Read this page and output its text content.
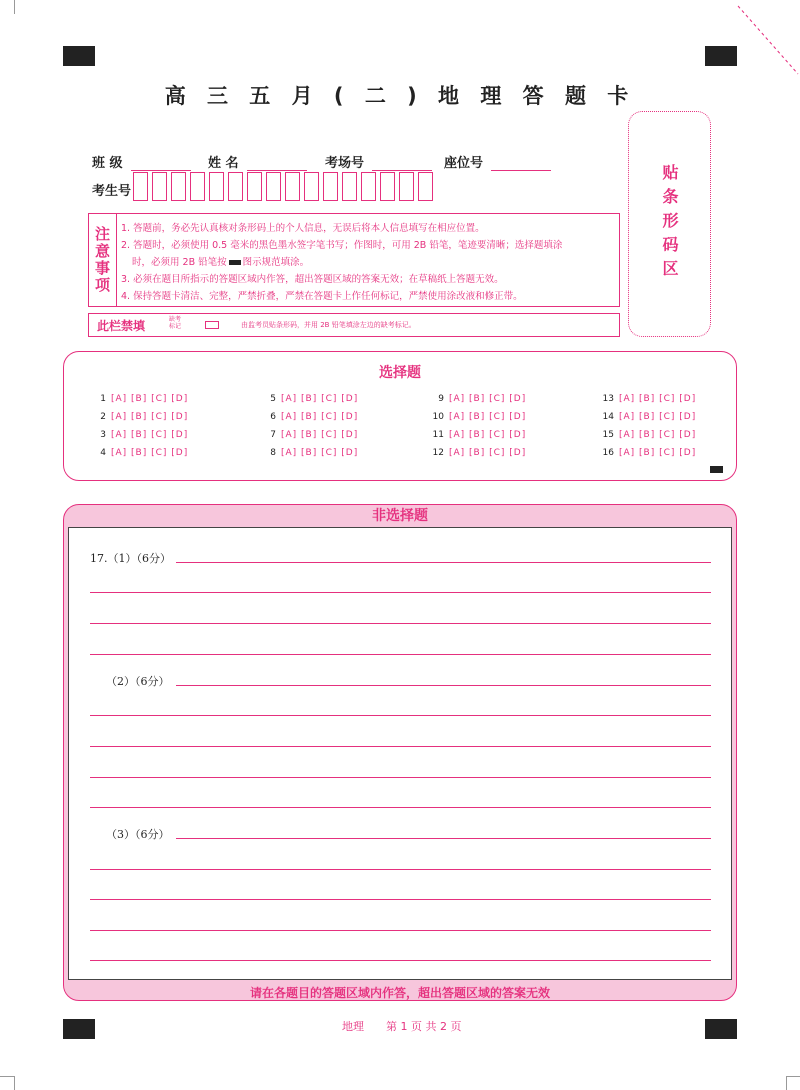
高 三 五 月 ( 二 ) 地 理 答 题 卡
班 级	姓 名	考场号	座位号
考生号	贴条形码区
注意事项 1. 答题前，务必先认真核对条形码上的个人信息，无误后将本人信息填写在相应位置。
2. 答题时，必须使用 0.5 毫米的黑色墨水签字笔书写；作图时，可用 2B 铅笔，笔迹要清晰；选择题填涂
时，必须用 2B 铅笔按 图示规范填涂。
3. 必须在题目所指示的答题区域内作答，超出答题区域的答案无效；在草稿纸上答题无效。
4. 保持答题卡清洁、完整，严禁折叠，严禁在答题卡上作任何标记，严禁使用涂改液和修正带。
此栏禁填	缺考标记	由监考员贴条形码，并用 2B 铅笔填涂左边的缺考标记。
选择题
1 [A] [B] [C] [D]
2 [A] [B] [C] [D]
3 [A] [B] [C] [D]
4 [A] [B] [C] [D]
5 [A] [B] [C] [D]
6 [A] [B] [C] [D]
7 [A] [B] [C] [D]
8 [A] [B] [C] [D]
9 [A] [B] [C] [D]
10 [A] [B] [C] [D]
11 [A] [B] [C] [D]
12 [A] [B] [C] [D]
13 [A] [B] [C] [D]
14 [A] [B] [C] [D]
15 [A] [B] [C] [D]
16 [A] [B] [C] [D]
非选择题
17.（1）（6分）
（2）（6分）
（3）（6分）
请在各题目的答题区域内作答，超出答题区域的答案无效
地理 第 1 页 共 2 页
